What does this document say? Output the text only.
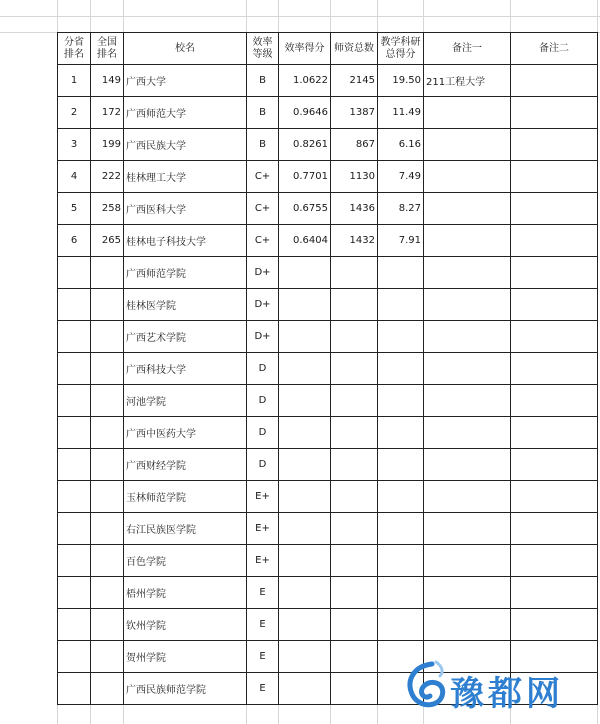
分省排名	全国排名	校名	效率等级	效率得分	师资总数	教学科研总得分	备注一	备注二
1	149	广西大学	B	1.0622	2145	19.50	211工程大学	
2	172	广西师范大学	B	0.9646	1387	11.49		
3	199	广西民族大学	B	0.8261	867	6.16		
4	222	桂林理工大学	C+	0.7701	1130	7.49		
5	258	广西医科大学	C+	0.6755	1436	8.27		
6	265	桂林电子科技大学	C+	0.6404	1432	7.91		
		广西师范学院	D+					
		桂林医学院	D+					
		广西艺术学院	D+					
		广西科技大学	D					
		河池学院	D					
		广西中医药大学	D					
		广西财经学院	D					
		玉林师范学院	E+					
		右江民族医学院	E+					
		百色学院	E+					
		梧州学院	E					
		钦州学院	E					
		贺州学院	E					
		广西民族师范学院	E						豫都网
